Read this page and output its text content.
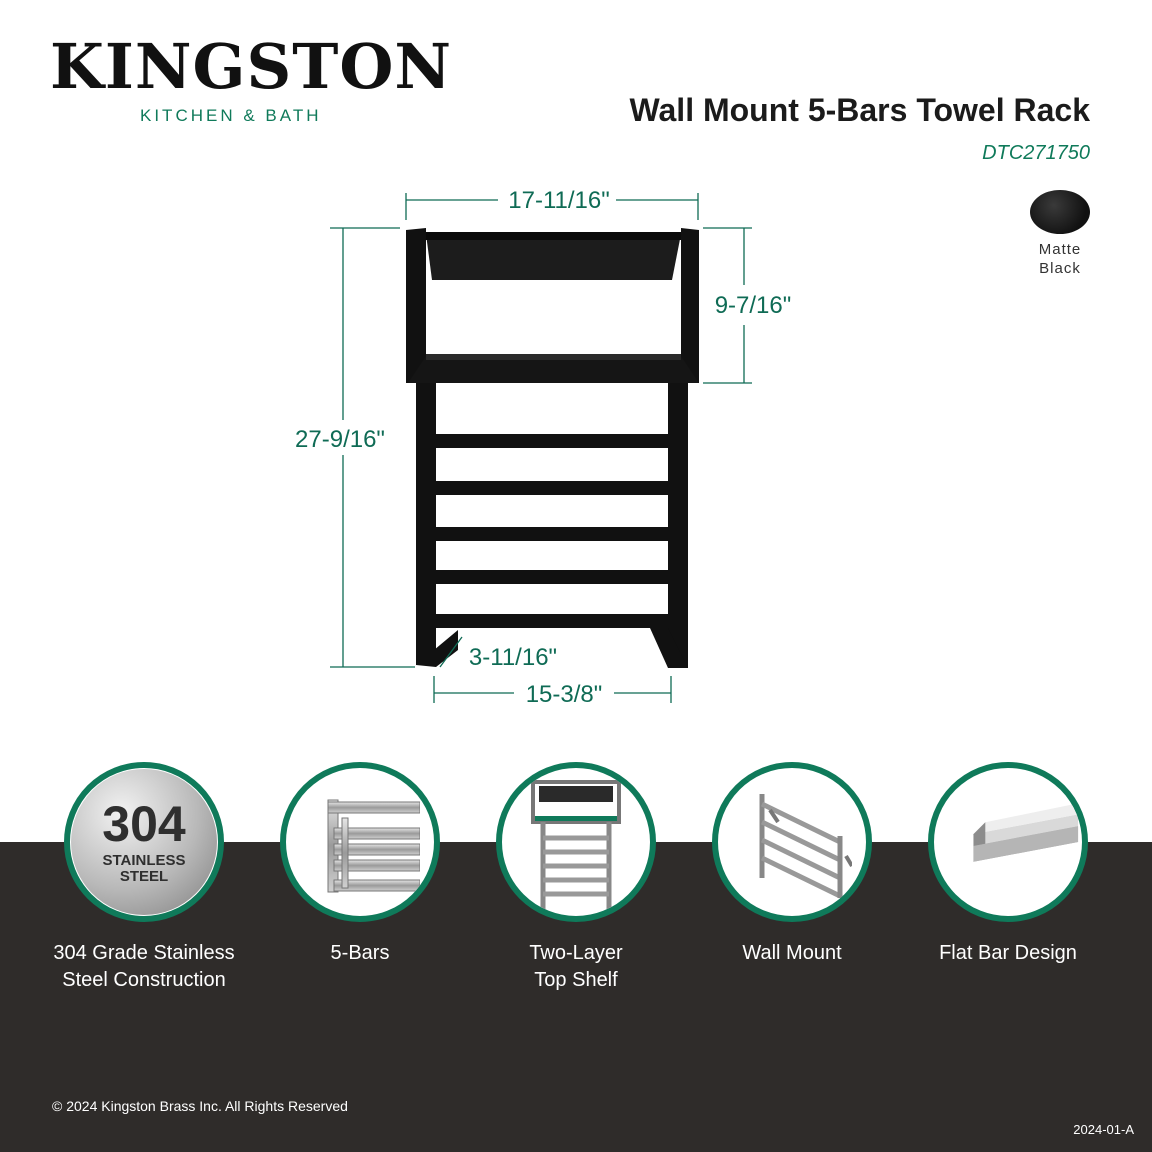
KINGSTON
KITCHEN & BATH	Wall Mount 5-Bars Towel Rack
DTC271750
Matte
Black
17-11/16"
9-7/16"
27-9/16"
3-11/16"
15-3/8"
304
STAINLESS
STEEL
304 Grade Stainless
Steel Construction
5-Bars	Two-Layer
Top Shelf
Wall Mount	Flat Bar Design
© 2024 Kingston Brass Inc. All Rights Reserved
2024-01-A
